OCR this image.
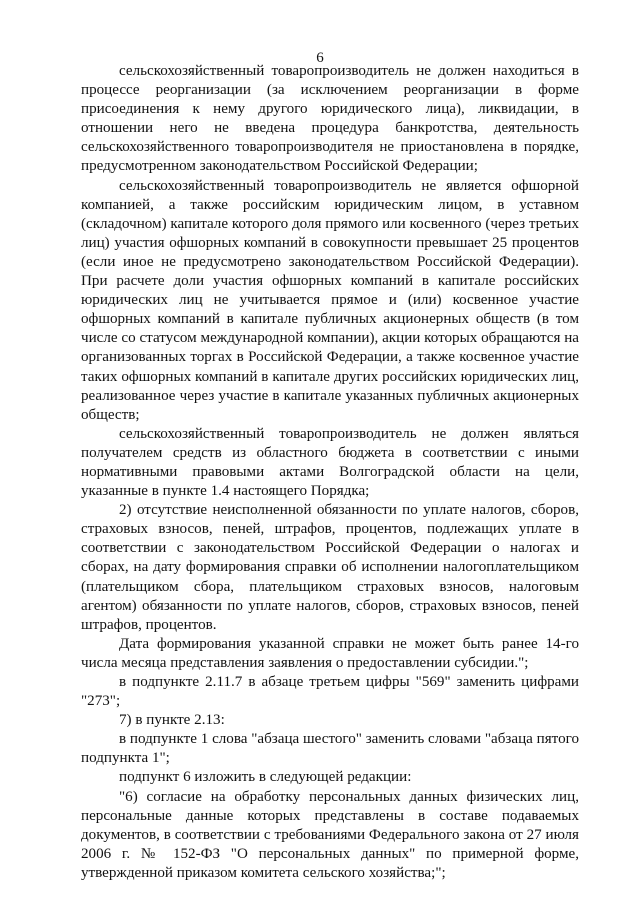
6

сельскохозяйственный товаропроизводитель не должен находиться в процессе реорганизации (за исключением реорганизации в форме присоединения к нему другого юридического лица), ликвидации, в отношении него не введена процедура банкротства, деятельность сельскохозяйственного товаропроизводителя не приостановлена в порядке, предусмотренном законодательством Российской Федерации;

сельскохозяйственный товаропроизводитель не является офшорной компанией, а также российским юридическим лицом, в уставном (складочном) капитале которого доля прямого или косвенного (через третьих лиц) участия офшорных компаний в совокупности превышает 25 процентов (если иное не предусмотрено законодательством Российской Федерации). При расчете доли участия офшорных компаний в капитале российских юридических лиц не учитывается прямое и (или) косвенное участие офшорных компаний в капитале публичных акционерных обществ (в том числе со статусом международной компании), акции которых обращаются на организованных торгах в Российской Федерации, а также косвенное участие таких офшорных компаний в капитале других российских юридических лиц, реализованное через участие в капитале указанных публичных акционерных обществ;

сельскохозяйственный товаропроизводитель не должен являться получателем средств из областного бюджета в соответствии с иными нормативными правовыми актами Волгоградской области на цели, указанные в пункте 1.4 настоящего Порядка;

2) отсутствие неисполненной обязанности по уплате налогов, сборов, страховых взносов, пеней, штрафов, процентов, подлежащих уплате в соответствии с законодательством Российской Федерации о налогах и сборах, на дату формирования справки об исполнении налогоплательщиком (плательщиком сбора, плательщиком страховых взносов, налоговым агентом) обязанности по уплате налогов, сборов, страховых взносов, пеней штрафов, процентов.

Дата формирования указанной справки не может быть ранее 14-го числа месяца представления заявления о предоставлении субсидии.";

в подпункте 2.11.7 в абзаце третьем цифры "569" заменить цифрами "273";

7) в пункте 2.13:

в подпункте 1 слова "абзаца шестого" заменить словами "абзаца пятого подпункта 1";

подпункт 6 изложить в следующей редакции:

"6) согласие на обработку персональных данных физических лиц, персональные данные которых представлены в составе подаваемых документов, в соответствии с требованиями Федерального закона от 27 июля 2006 г. № 152-ФЗ "О персональных данных" по примерной форме, утвержденной приказом комитета сельского хозяйства;";
